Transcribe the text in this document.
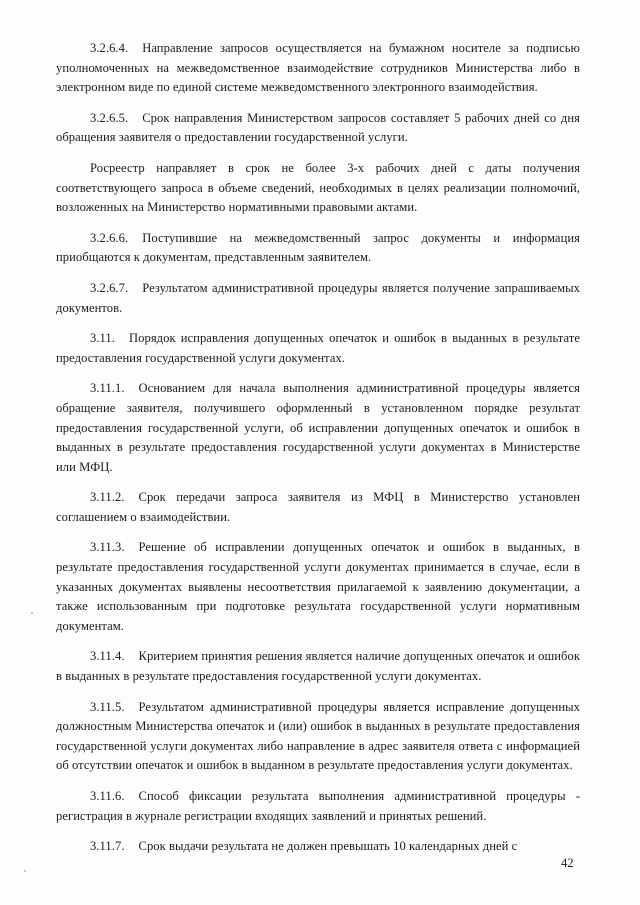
3.2.6.4. Направление запросов осуществляется на бумажном носителе за подписью уполномоченных на межведомственное взаимодействие сотрудников Министерства либо в электронном виде по единой системе межведомственного электронного взаимодействия.

3.2.6.5. Срок направления Министерством запросов составляет 5 рабочих дней со дня обращения заявителя о предоставлении государственной услуги.

Росреестр направляет в срок не более 3-х рабочих дней с даты получения соответствующего запроса в объеме сведений, необходимых в целях реализации полномочий, возложенных на Министерство нормативными правовыми актами.

3.2.6.6. Поступившие на межведомственный запрос документы и информация приобщаются к документам, представленным заявителем.

3.2.6.7. Результатом административной процедуры является получение запрашиваемых документов.

3.11. Порядок исправления допущенных опечаток и ошибок в выданных в результате предоставления государственной услуги документах.

3.11.1. Основанием для начала выполнения административной процедуры является обращение заявителя, получившего оформленный в установленном порядке результат предоставления государственной услуги, об исправлении допущенных опечаток и ошибок в выданных в результате предоставления государственной услуги документах в Министерстве или МФЦ.

3.11.2. Срок передачи запроса заявителя из МФЦ в Министерство установлен соглашением о взаимодействии.

3.11.3. Решение об исправлении допущенных опечаток и ошибок в выданных, в результате предоставления государственной услуги документах принимается в случае, если в указанных документах выявлены несоответствия прилагаемой к заявлению документации, а также использованным при подготовке результата государственной услуги нормативным документам.

3.11.4. Критерием принятия решения является наличие допущенных опечаток и ошибок в выданных в результате предоставления государственной услуги документах.

3.11.5. Результатом административной процедуры является исправление допущенных должностным Министерства опечаток и (или) ошибок в выданных в результате предоставления государственной услуги документах либо направление в адрес заявителя ответа с информацией об отсутствии опечаток и ошибок в выданном в результате предоставления услуги документах.

3.11.6. Способ фиксации результата выполнения административной процедуры - регистрация в журнале регистрации входящих заявлений и принятых решений.

3.11.7. Срок выдачи результата не должен превышать 10 календарных дней с

42
